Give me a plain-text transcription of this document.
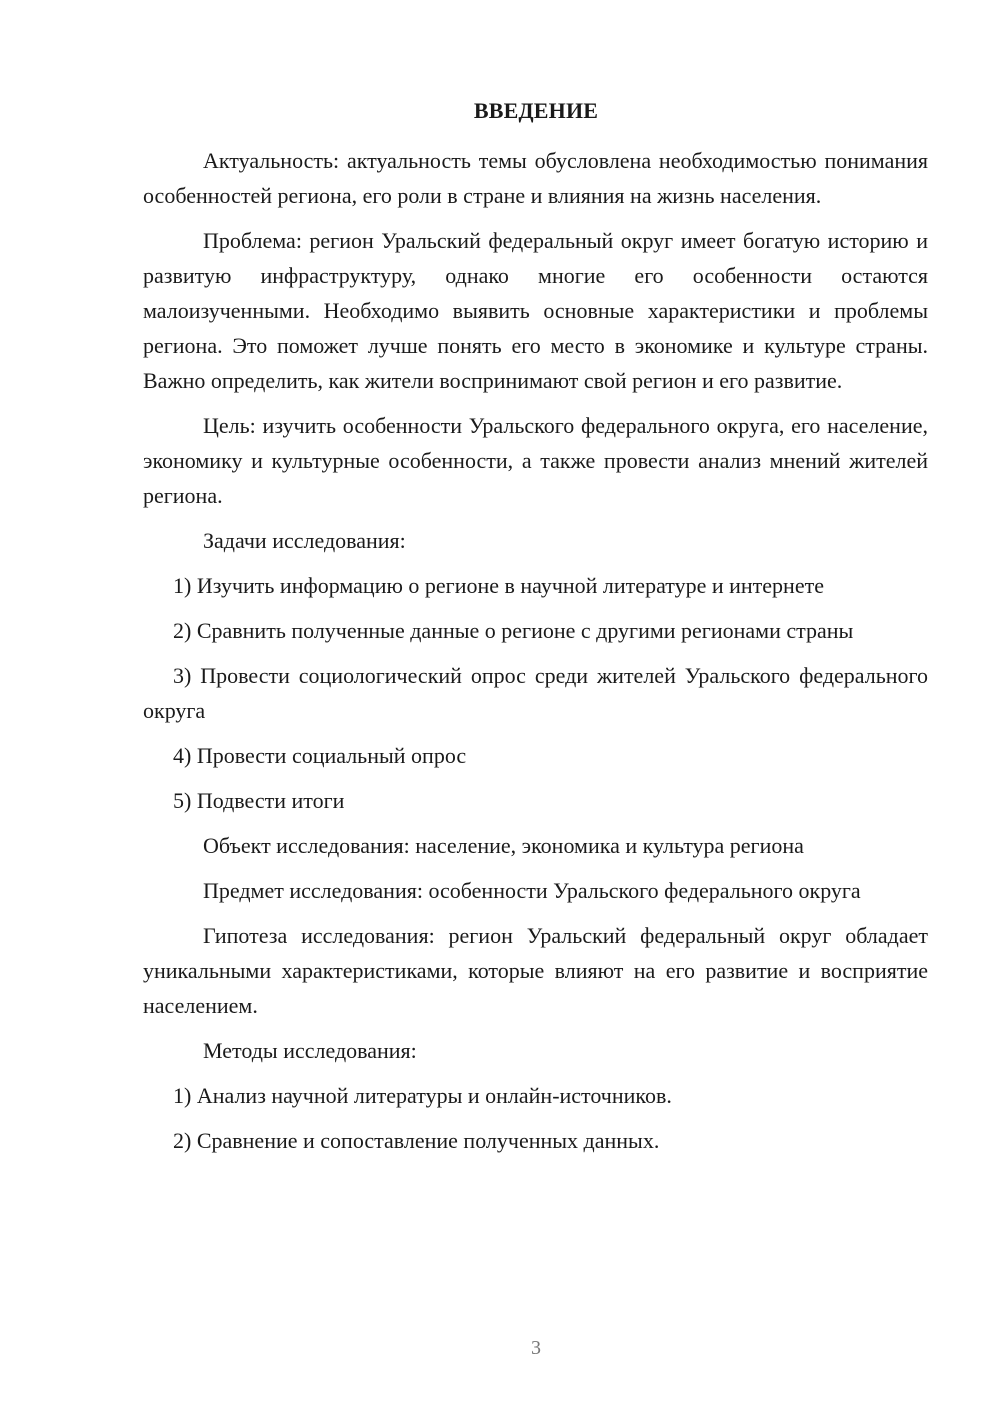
ВВЕДЕНИЕ

Актуальность: актуальность темы обусловлена необходимостью понимания особенностей региона, его роли в стране и влияния на жизнь населения.

Проблема: регион Уральский федеральный округ имеет богатую историю и развитую инфраструктуру, однако многие его особенности остаются малоизученными. Необходимо выявить основные характеристики и проблемы региона. Это поможет лучше понять его место в экономике и культуре страны. Важно определить, как жители воспринимают свой регион и его развитие.

Цель: изучить особенности Уральского федерального округа, его население, экономику и культурные особенности, а также провести анализ мнений жителей региона.

Задачи исследования:

1) Изучить информацию о регионе в научной литературе и интернете

2) Сравнить полученные данные о регионе с другими регионами страны

3) Провести социологический опрос среди жителей Уральского федерального округа

4) Провести социальный опрос

5) Подвести итоги

Объект исследования: население, экономика и культура региона

Предмет исследования: особенности Уральского федерального округа

Гипотеза исследования: регион Уральский федеральный округ обладает уникальными характеристиками, которые влияют на его развитие и восприятие населением.

Методы исследования:

1) Анализ научной литературы и онлайн-источников.

2) Сравнение и сопоставление полученных данных.

3
